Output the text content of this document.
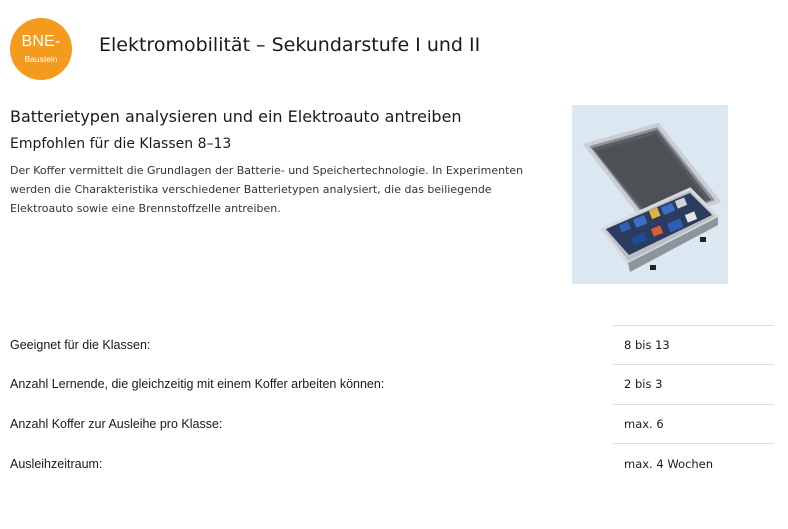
BNE-
Baustein
Elektromobilität – Sekundarstufe I und II
Batterietypen analysieren und ein Elektroauto antreiben
Empfohlen für die Klassen 8–13
Der Koffer vermittelt die Grundlagen der Batterie- und Speichertechnologie. In Experimenten
werden die Charakteristika verschiedener Batterietypen analysiert, die das beiliegende
Elektroauto sowie eine Brennstoffzelle antreiben.
Geeignet für die Klassen:	8 bis 13
Anzahl Lernende, die gleichzeitig mit einem Koffer arbeiten können:	2 bis 3
Anzahl Koffer zur Ausleihe pro Klasse:	max. 6
Ausleihzeitraum:	max. 4 Wochen
